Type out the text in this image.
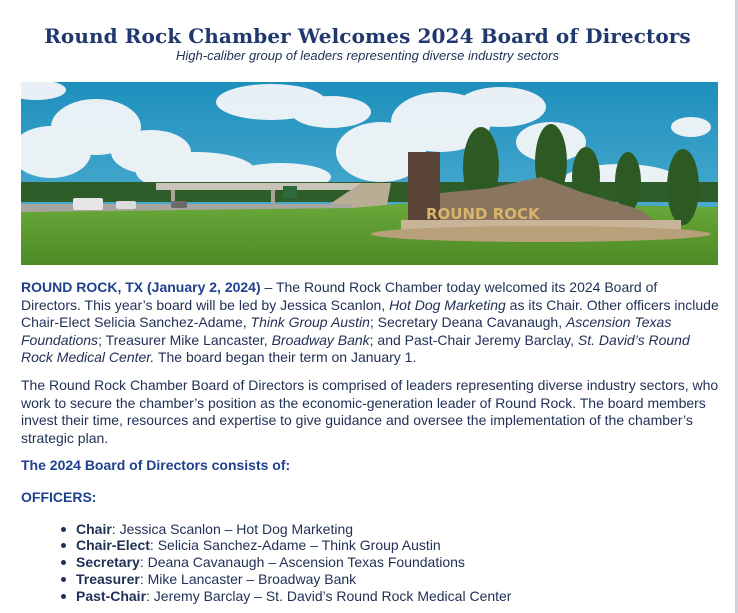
Round Rock Chamber Welcomes 2024 Board of Directors
High-caliber group of leaders representing diverse industry sectors
ROUND ROCK

ROUND ROCK, TX (January 2, 2024) – The Round Rock Chamber today welcomed its 2024 Board of Directors. This year’s board will be led by Jessica Scanlon, Hot Dog Marketing as its Chair. Other officers include Chair-Elect Selicia Sanchez-Adame, Think Group Austin; Secretary Deana Cavanaugh, Ascension Texas Foundations; Treasurer Mike Lancaster, Broadway Bank; and Past-Chair Jeremy Barclay, St. David’s Round Rock Medical Center. The board began their term on January 1.

The Round Rock Chamber Board of Directors is comprised of leaders representing diverse industry sectors, who work to secure the chamber’s position as the economic-generation leader of Round Rock. The board members invest their time, resources and expertise to give guidance and oversee the implementation of the chamber’s strategic plan.

The 2024 Board of Directors consists of:
OFFICERS:
Chair: Jessica Scanlon – Hot Dog Marketing
Chair-Elect: Selicia Sanchez-Adame – Think Group Austin
Secretary: Deana Cavanaugh – Ascension Texas Foundations
Treasurer: Mike Lancaster – Broadway Bank
Past-Chair: Jeremy Barclay – St. David’s Round Rock Medical Center
